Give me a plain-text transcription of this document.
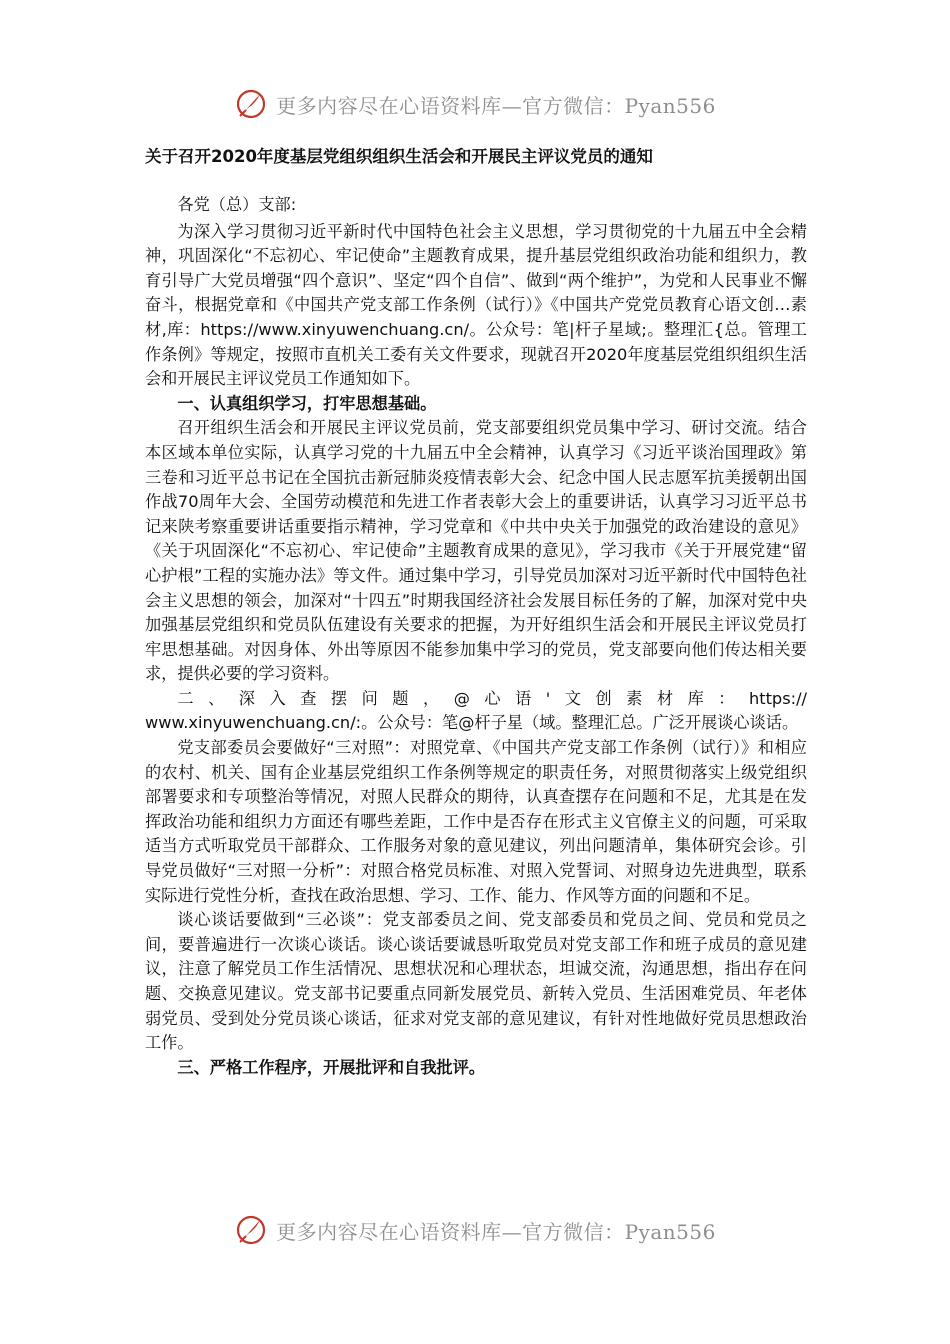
更多内容尽在心语资料库—官方微信：Pyan556
关于召开2020年度基层党组织组织生活会和开展民主评议党员的通知

各党（总）支部:

为深入学习贯彻习近平新时代中国特色社会主义思想，学习贯彻党的十九届五中全会精神，巩固深化“不忘初心、牢记使命”主题教育成果，提升基层党组织政治功能和组织力，教育引导广大党员增强“四个意识”、坚定“四个自信”、做到“两个维护”，为党和人民事业不懈奋斗，根据党章和《中国共产党支部工作条例（试行）》《中国共产党党员教育心语文创…素材,库：https://www.xinyuwenchuang.cn/。公众号：笔|杆子星域;。整理汇{总。管理工作条例》等规定，按照市直机关工委有关文件要求，现就召开2020年度基层党组织组织生活会和开展民主评议党员工作通知如下。

一、认真组织学习，打牢思想基础。

召开组织生活会和开展民主评议党员前，党支部要组织党员集中学习、研讨交流。结合本区域本单位实际，认真学习党的十九届五中全会精神，认真学习《习近平谈治国理政》第三卷和习近平总书记在全国抗击新冠肺炎疫情表彰大会、纪念中国人民志愿军抗美援朝出国作战70周年大会、全国劳动模范和先进工作者表彰大会上的重要讲话，认真学习习近平总书记来陕考察重要讲话重要指示精神，学习党章和《中共中央关于加强党的政治建设的意见》《关于巩固深化“不忘初心、牢记使命”主题教育成果的意见》，学习我市《关于开展党建“留心护根”工程的实施办法》等文件。通过集中学习，引导党员加深对习近平新时代中国特色社会主义思想的领会，加深对“十四五”时期我国经济社会发展目标任务的了解，加深对党中央加强基层党组织和党员队伍建设有关要求的把握，为开好组织生活会和开展民主评议党员打牢思想基础。对因身体、外出等原因不能参加集中学习的党员，党支部要向他们传达相关要求，提供必要的学习资料。

二、深入查摆问题，@心语'文创素材库：https://

www.xinyuwenchuang.cn/:。公众号：笔@杆子星（域。整理汇总。广泛开展谈心谈话。

党支部委员会要做好“三对照”：对照党章、《中国共产党支部工作条例（试行）》和相应的农村、机关、国有企业基层党组织工作条例等规定的职责任务，对照贯彻落实上级党组织部署要求和专项整治等情况，对照人民群众的期待，认真查摆存在问题和不足，尤其是在发挥政治功能和组织力方面还有哪些差距，工作中是否存在形式主义官僚主义的问题，可采取适当方式听取党员干部群众、工作服务对象的意见建议，列出问题清单，集体研究会诊。引导党员做好“三对照一分析”：对照合格党员标准、对照入党誓词、对照身边先进典型，联系实际进行党性分析，查找在政治思想、学习、工作、能力、作风等方面的问题和不足。

谈心谈话要做到“三必谈”：党支部委员之间、党支部委员和党员之间、党员和党员之间，要普遍进行一次谈心谈话。谈心谈话要诚恳听取党员对党支部工作和班子成员的意见建议，注意了解党员工作生活情况、思想状况和心理状态，坦诚交流，沟通思想，指出存在问题、交换意见建议。党支部书记要重点同新发展党员、新转入党员、生活困难党员、年老体弱党员、受到处分党员谈心谈话，征求对党支部的意见建议，有针对性地做好党员思想政治工作。

三、严格工作程序，开展批评和自我批评。

更多内容尽在心语资料库—官方微信：Pyan556
